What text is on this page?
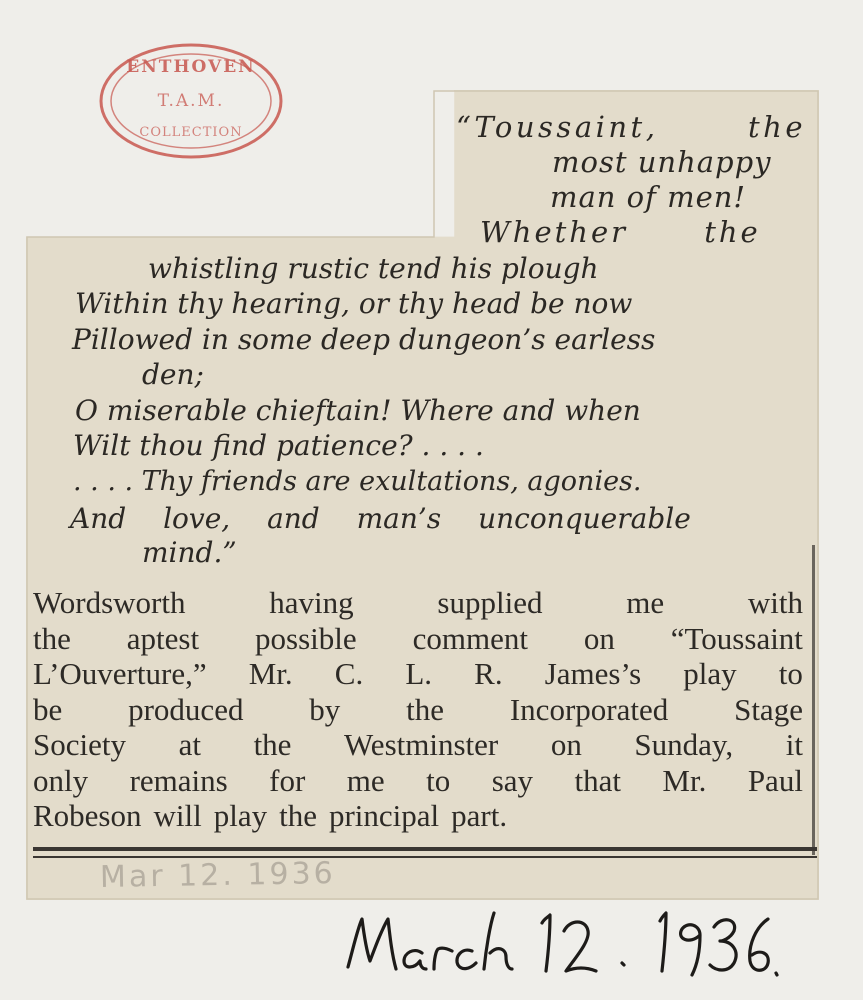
ENTHOVEN
T.A.M.
COLLECTION	“Toussaint,	the
most unhappy
man of men!
Whether the
whistling rustic tend his plough
Within thy hearing, or thy head be now
Pillowed in some deep dungeon’s earless
den;
O miserable chieftain! Where and when
Wilt thou find patience? . . . .
. . . . Thy friends are exultations, agonies.
And love, and man’s unconquerable
mind.”
Wordsworth	having	supplied	me	with
the aptest possible comment on “Toussaint
L’Ouverture,” Mr. C. L. R. James’s play to
be produced by the Incorporated Stage
Society at the Westminster on Sunday, it
only remains for me to say that Mr. Paul
Robeson will play the principal part.
Mar 12. 1936
